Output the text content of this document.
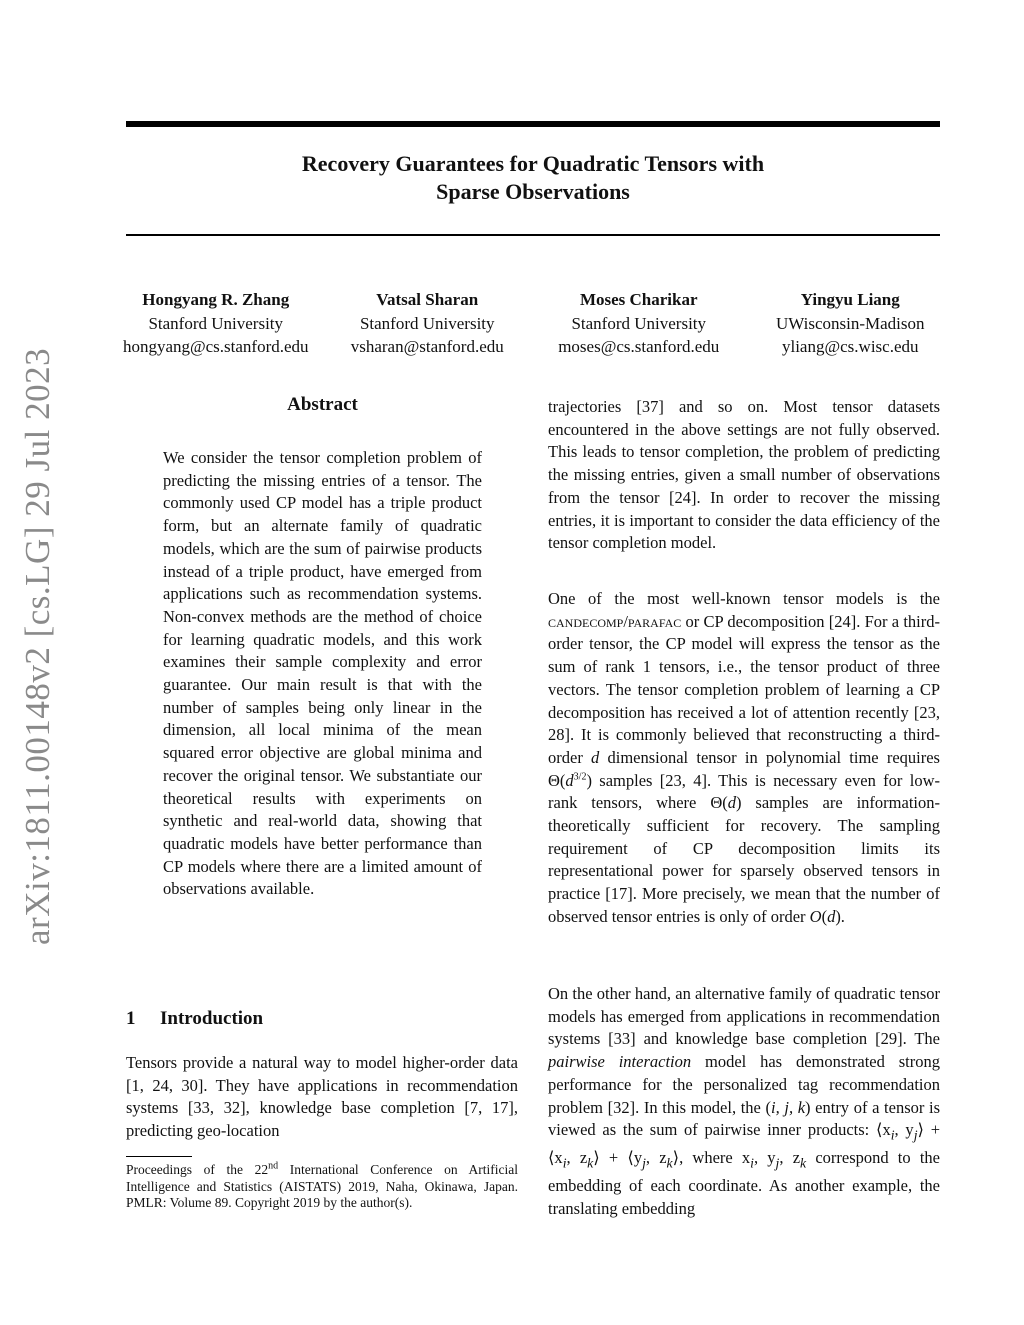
Recovery Guarantees for Quadratic Tensors with
Sparse Observations
Hongyang R. Zhang
Stanford University
hongyang@cs.stanford.edu
Vatsal Sharan
Stanford University
vsharan@stanford.edu
Moses Charikar
Stanford University
moses@cs.stanford.edu
Yingyu Liang
UWisconsin-Madison
yliang@cs.wisc.edu
arXiv:1811.00148v2 [cs.LG] 29 Jul 2023	Abstract

We consider the tensor completion problem of predicting the missing entries of a tensor. The commonly used CP model has a triple product form, but an alternate family of quadratic models, which are the sum of pairwise products instead of a triple product, have emerged from applications such as recommendation systems. Non-convex methods are the method of choice for learning quadratic models, and this work examines their sample complexity and error guarantee. Our main result is that with the number of samples being only linear in the dimension, all local minima of the mean squared error objective are global minima and recover the original tensor. We substantiate our theoretical results with experiments on synthetic and real-world data, showing that quadratic models have better performance than CP models where there are a limited amount of observations available.

1 Introduction

Tensors provide a natural way to model higher-order data [1, 24, 30]. They have applications in recommendation systems [33, 32], knowledge base completion [7, 17], predicting geo-location

Proceedings of the 22nd International Conference on Artificial Intelligence and Statistics (AISTATS) 2019, Naha, Okinawa, Japan. PMLR: Volume 89. Copyright 2019 by the author(s).

trajectories [37] and so on. Most tensor datasets encountered in the above settings are not fully observed. This leads to tensor completion, the problem of predicting the missing entries, given a small number of observations from the tensor [24]. In order to recover the missing entries, it is important to consider the data efficiency of the tensor completion model.

One of the most well-known tensor models is the candecomp/parafac or CP decomposition [24]. For a third-order tensor, the CP model will express the tensor as the sum of rank 1 tensors, i.e., the tensor product of three vectors. The tensor completion problem of learning a CP decomposition has received a lot of attention recently [23, 28]. It is commonly believed that reconstructing a third-order d dimensional tensor in polynomial time requires $\Theta(d^{3/2})$ samples [23, 4]. This is necessary even for low-rank tensors, where Θ(d) samples are information-theoretically sufficient for recovery. The sampling requirement of CP decomposition limits its representational power for sparsely observed tensors in practice [17]. More precisely, we mean that the number of observed tensor entries is only of order O(d).

On the other hand, an alternative family of quadratic tensor models has emerged from applications in recommendation systems [33] and knowledge base completion [29]. The pairwise interaction model has demonstrated strong performance for the personalized tag recommendation problem [32]. In this model, the (i, j, k) entry of a tensor is viewed as the sum of pairwise inner products: $⟨x_i$, $y_j⟩$ + $⟨x_i$, $z_k⟩$ + $⟨y_j$, $z_k⟩$, where $x_i$, $y_j$, $z_k$ correspond to the embedding of each coordinate. As another example, the translating embedding
